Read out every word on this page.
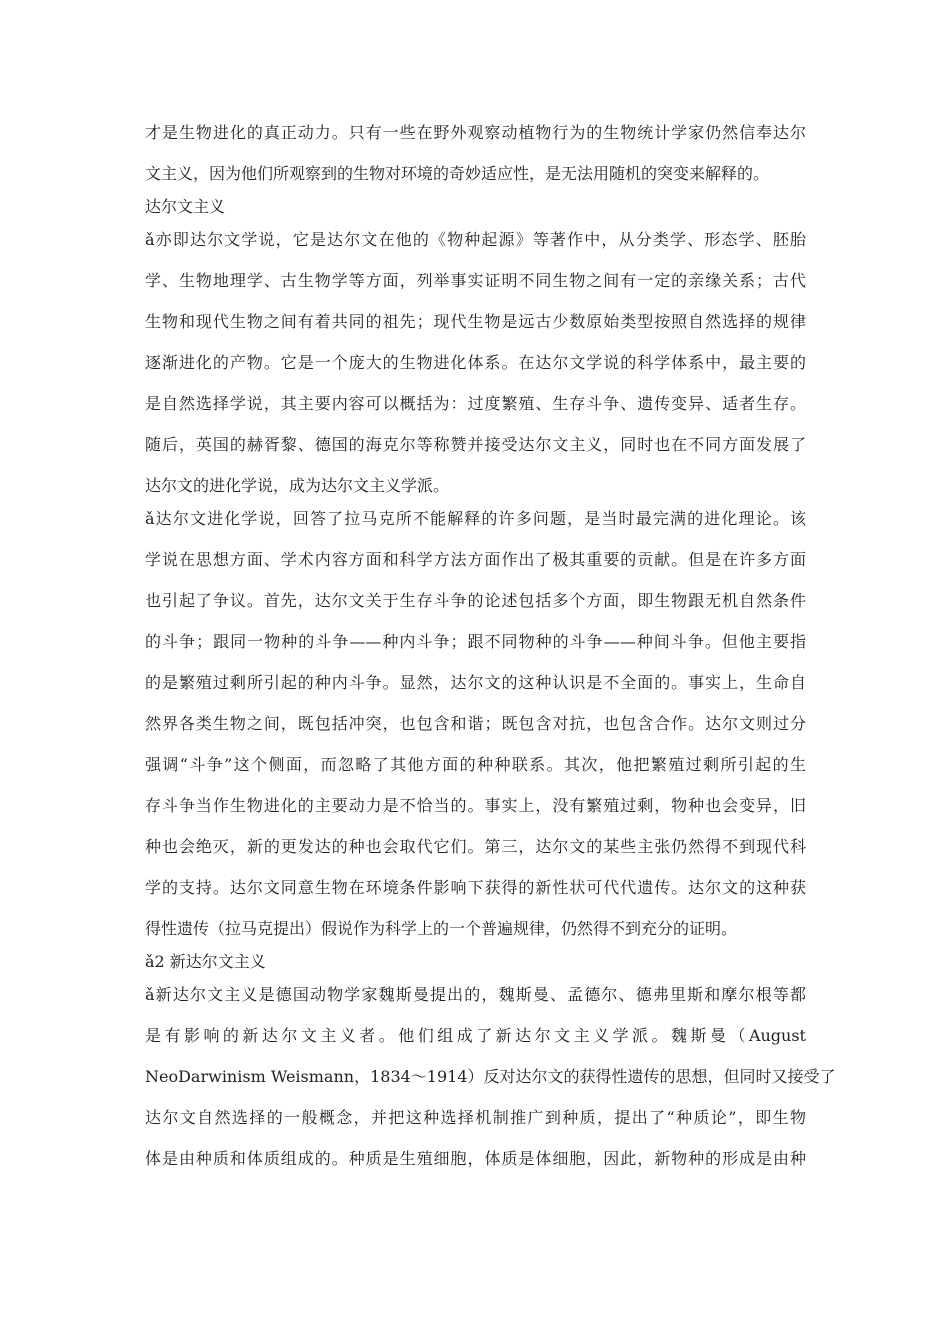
才是生物进化的真正动力。只有一些在野外观察动植物行为的生物统计学家仍然信奉达尔
文主义，因为他们所观察到的生物对环境的奇妙适应性，是无法用随机的突变来解释的。
达尔文主义
ǎ亦即达尔文学说，它是达尔文在他的《物种起源》等著作中，从分类学、形态学、胚胎
学、生物地理学、古生物学等方面，列举事实证明不同生物之间有一定的亲缘关系；古代
生物和现代生物之间有着共同的祖先；现代生物是远古少数原始类型按照自然选择的规律
逐渐进化的产物。它是一个庞大的生物进化体系。在达尔文学说的科学体系中，最主要的
是自然选择学说，其主要内容可以概括为：过度繁殖、生存斗争、遗传变异、适者生存。
随后，英国的赫胥黎、德国的海克尔等称赞并接受达尔文主义，同时也在不同方面发展了
达尔文的进化学说，成为达尔文主义学派。
ǎ达尔文进化学说，回答了拉马克所不能解释的许多问题，是当时最完满的进化理论。该
学说在思想方面、学术内容方面和科学方法方面作出了极其重要的贡献。但是在许多方面
也引起了争议。首先，达尔文关于生存斗争的论述包括多个方面，即生物跟无机自然条件
的斗争；跟同一物种的斗争——种内斗争；跟不同物种的斗争——种间斗争。但他主要指
的是繁殖过剩所引起的种内斗争。显然，达尔文的这种认识是不全面的。事实上，生命自
然界各类生物之间，既包括冲突，也包含和谐；既包含对抗，也包含合作。达尔文则过分
强调“斗争”这个侧面，而忽略了其他方面的种种联系。其次，他把繁殖过剩所引起的生
存斗争当作生物进化的主要动力是不恰当的。事实上，没有繁殖过剩，物种也会变异，旧
种也会绝灭，新的更发达的种也会取代它们。第三，达尔文的某些主张仍然得不到现代科
学的支持。达尔文同意生物在环境条件影响下获得的新性状可代代遗传。达尔文的这种获
得性遗传（拉马克提出）假说作为科学上的一个普遍规律，仍然得不到充分的证明。
ǎ2 新达尔文主义
ǎ新达尔文主义是德国动物学家魏斯曼提出的，魏斯曼、孟德尔、德弗里斯和摩尔根等都
是有影响的新达尔文主义者。他们组成了新达尔文主义学派。魏斯曼（August
NeoDarwinism Weismann，1834～1914）反对达尔文的获得性遗传的思想，但同时又接受了
达尔文自然选择的一般概念，并把这种选择机制推广到种质，提出了“种质论”，即生物
体是由种质和体质组成的。种质是生殖细胞，体质是体细胞，因此，新物种的形成是由种
